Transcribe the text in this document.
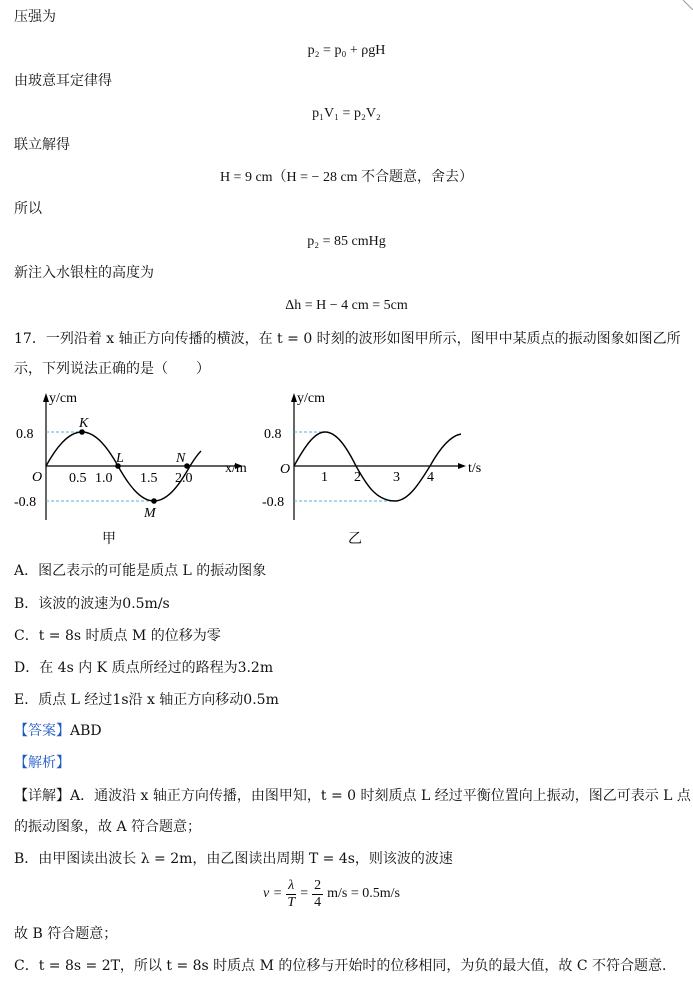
压强为
p₂ = p₀ + ρgH
由玻意耳定律得
p₁V₁ = p₂V₂
联立解得
H = 9 cm（H = − 28 cm 不合题意，舍去）
所以
p₂ = 85 cmHg
新注入水银柱的高度为
Δh = H − 4 cm = 5cm
17．一列沿着 x 轴正方向传播的横波，在 t = 0 时刻的波形如图甲所示，图甲中某质点的振动图象如图乙所
示，下列说法正确的是（　　）
y/cm
x/m
0.8
-0.8
O 0.5 1.0 1.5 2.0
K
L
M
N
甲
y/cm
t/s
0.8
-0.8
O
1 2 3 4
乙
A．图乙表示的可能是质点 L 的振动图象
B．该波的波速为0.5m/s
C．t = 8s 时质点 M 的位移为零
D．在 4s 内 K 质点所经过的路程为3.2m
E．质点 L 经过1s沿 x 轴正方向移动0.5m
【答案】ABD
【解析】
【详解】A．通波沿 x 轴正方向传播，由图甲知，t = 0 时刻质点 L 经过平衡位置向上振动，图乙可表示 L 点
的振动图象，故 A 符合题意；
B．由甲图读出波长 λ = 2m，由乙图读出周期 T = 4s，则该波的波速
$v = \frac{\lambda}{T} = \frac{2}{4} m/s = 0.5m/s$
故 B 符合题意；
C．t = 8s = 2T，所以 t = 8s 时质点 M 的位移与开始时的位移相同，为负的最大值，故 C 不符合题意．
